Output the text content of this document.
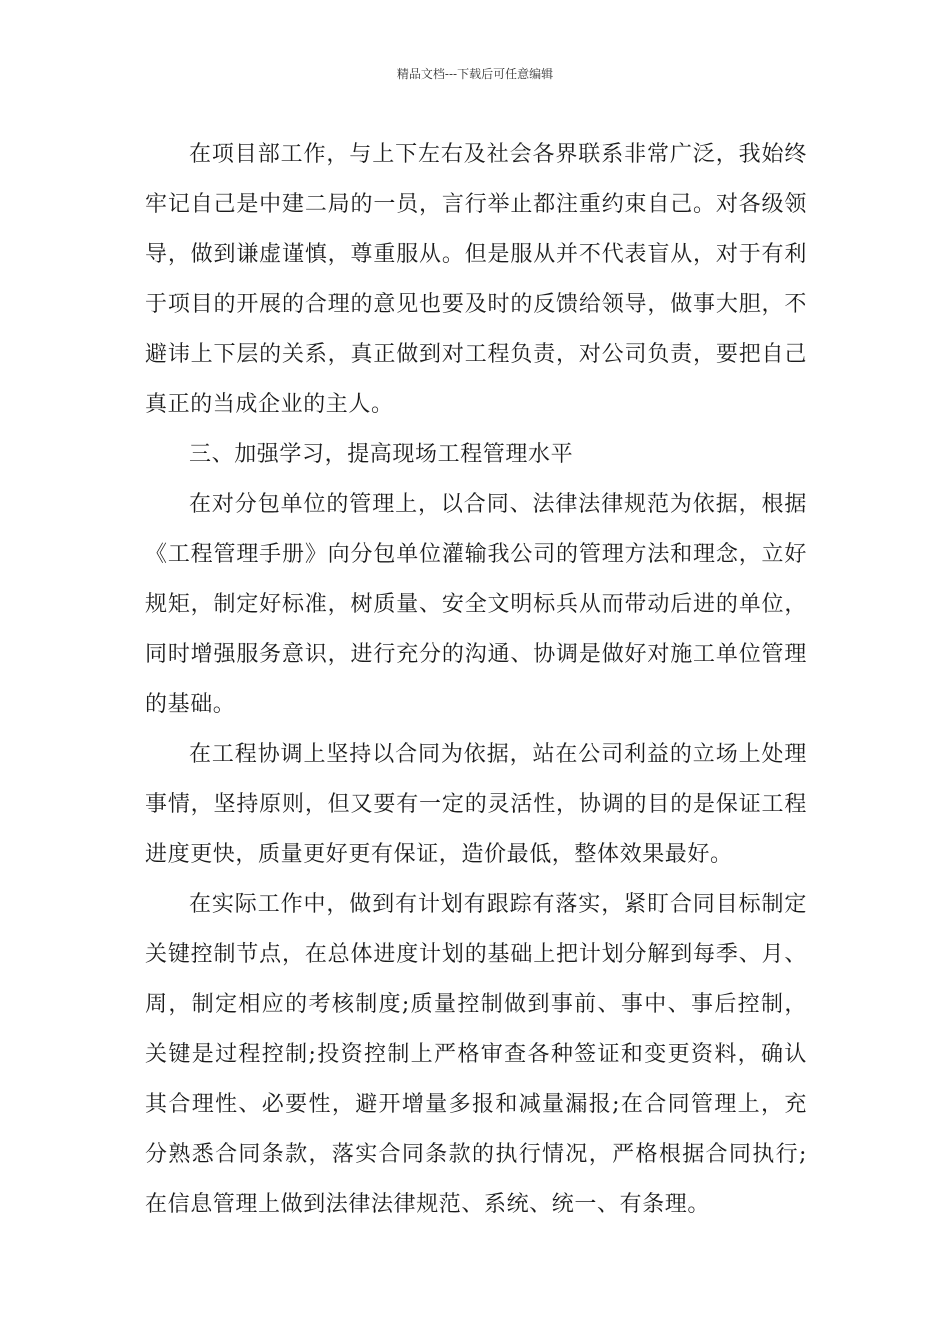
精品文档---下载后可任意编辑

在项目部工作，与上下左右及社会各界联系非常广泛，我始终牢记自己是中建二局的一员，言行举止都注重约束自己。对各级领导，做到谦虚谨慎，尊重服从。但是服从并不代表盲从，对于有利于项目的开展的合理的意见也要及时的反馈给领导，做事大胆，不避讳上下层的关系，真正做到对工程负责，对公司负责，要把自己真正的当成企业的主人。

三、加强学习，提高现场工程管理水平

在对分包单位的管理上，以合同、法律法律规范为依据，根据《工程管理手册》向分包单位灌输我公司的管理方法和理念，立好规矩，制定好标准，树质量、安全文明标兵从而带动后进的单位，同时增强服务意识，进行充分的沟通、协调是做好对施工单位管理的基础。

在工程协调上坚持以合同为依据，站在公司利益的立场上处理事情，坚持原则，但又要有一定的灵活性，协调的目的是保证工程进度更快，质量更好更有保证，造价最低，整体效果最好。

在实际工作中，做到有计划有跟踪有落实，紧盯合同目标制定关键控制节点，在总体进度计划的基础上把计划分解到每季、月、周，制定相应的考核制度;质量控制做到事前、事中、事后控制，关键是过程控制;投资控制上严格审查各种签证和变更资料，确认其合理性、必要性，避开增量多报和减量漏报;在合同管理上，充分熟悉合同条款，落实合同条款的执行情况，严格根据合同执行;在信息管理上做到法律法律规范、系统、统一、有条理。
